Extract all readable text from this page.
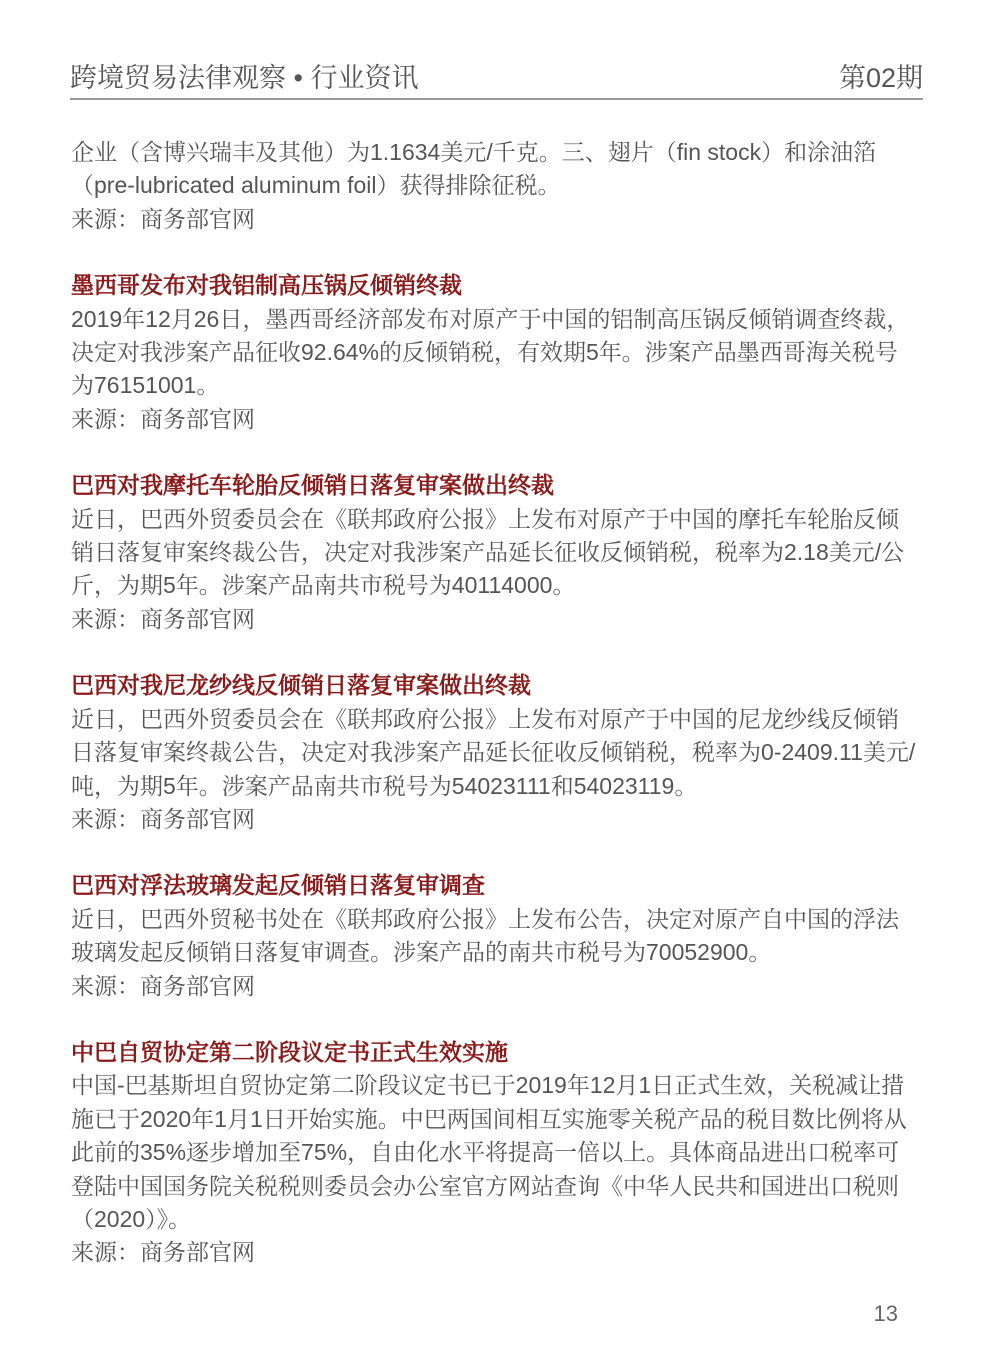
跨境贸易法律观察 • 行业资讯	第02期

企业（含博兴瑞丰及其他）为1.1634美元/千克。三、翅片（fin stock）和涂油箔（pre-lubricated aluminum foil）获得排除征税。

来源：商务部官网

墨西哥发布对我铝制高压锅反倾销终裁

2019年12月26日，墨西哥经济部发布对原产于中国的铝制高压锅反倾销调查终裁，决定对我涉案产品征收92.64%的反倾销税，有效期5年。涉案产品墨西哥海关税号为76151001。

来源：商务部官网

巴西对我摩托车轮胎反倾销日落复审案做出终裁

近日，巴西外贸委员会在《联邦政府公报》上发布对原产于中国的摩托车轮胎反倾销日落复审案终裁公告，决定对我涉案产品延长征收反倾销税，税率为2.18美元/公斤，为期5年。涉案产品南共市税号为40114000。

来源：商务部官网

巴西对我尼龙纱线反倾销日落复审案做出终裁

近日，巴西外贸委员会在《联邦政府公报》上发布对原产于中国的尼龙纱线反倾销日落复审案终裁公告，决定对我涉案产品延长征收反倾销税，税率为0-2409.11美元/吨，为期5年。涉案产品南共市税号为54023111和54023119。

来源：商务部官网

巴西对浮法玻璃发起反倾销日落复审调查

近日，巴西外贸秘书处在《联邦政府公报》上发布公告，决定对原产自中国的浮法玻璃发起反倾销日落复审调查。涉案产品的南共市税号为70052900。

来源：商务部官网

中巴自贸协定第二阶段议定书正式生效实施

中国-巴基斯坦自贸协定第二阶段议定书已于2019年12月1日正式生效，关税减让措施已于2020年1月1日开始实施。中巴两国间相互实施零关税产品的税目数比例将从此前的35%逐步增加至75%，自由化水平将提高一倍以上。具体商品进出口税率可登陆中国国务院关税税则委员会办公室官方网站查询《中华人民共和国进出口税则（2020）》。

来源：商务部官网

13
